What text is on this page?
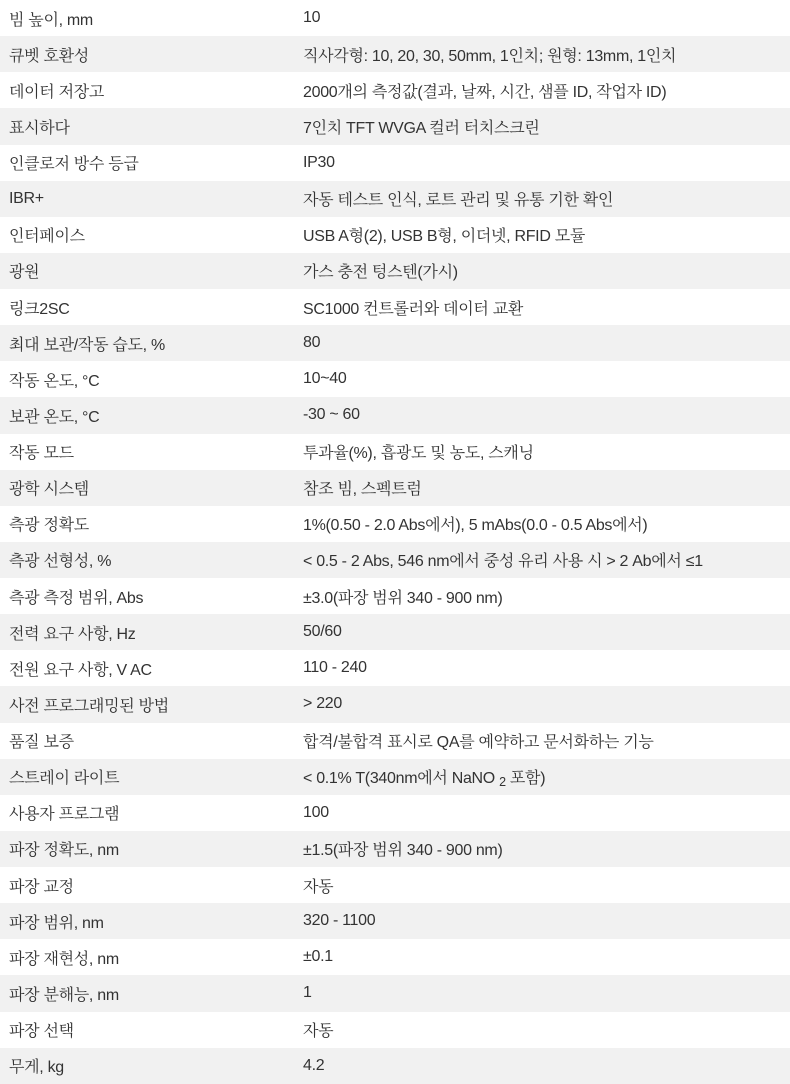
빔 높이, mm	10
큐벳 호환성	직사각형: 10, 20, 30, 50mm, 1인치; 원형: 13mm, 1인치
데이터 저장고	2000개의 측정값(결과, 날짜, 시간, 샘플 ID, 작업자 ID)
표시하다	7인치 TFT WVGA 컬러 터치스크린
인클로저 방수 등급	IP30
IBR+	자동 테스트 인식, 로트 관리 및 유통 기한 확인
인터페이스	USB A형(2), USB B형, 이더넷, RFID 모듈
광원	가스 충전 텅스텐(가시)
링크2SC	SC1000 컨트롤러와 데이터 교환
최대 보관/작동 습도, %	80
작동 온도, °C	10~40
보관 온도, °C	-30 ~ 60
작동 모드	투과율(%), 흡광도 및 농도, 스캐닝
광학 시스템	참조 빔, 스펙트럼
측광 정확도	1%(0.50 - 2.0 Abs에서), 5 mAbs(0.0 - 0.5 Abs에서)
측광 선형성, %	< 0.5 - 2 Abs, 546 nm에서 중성 유리 사용 시 > 2 Ab에서 ≤1
측광 측정 범위, Abs	±3.0(파장 범위 340 - 900 nm)
전력 요구 사항, Hz	50/60
전원 요구 사항, V AC	110 - 240
사전 프로그래밍된 방법	> 220
품질 보증	합격/불합격 표시로 QA를 예약하고 문서화하는 기능
스트레이 라이트	< 0.1% T(340nm에서 NaNO $_2$ 포함)
사용자 프로그램	100
파장 정확도, nm	±1.5(파장 범위 340 - 900 nm)
파장 교정	자동
파장 범위, nm	320 - 1100
파장 재현성, nm	±0.1
파장 분해능, nm	1
파장 선택	자동
무게, kg	4.2
